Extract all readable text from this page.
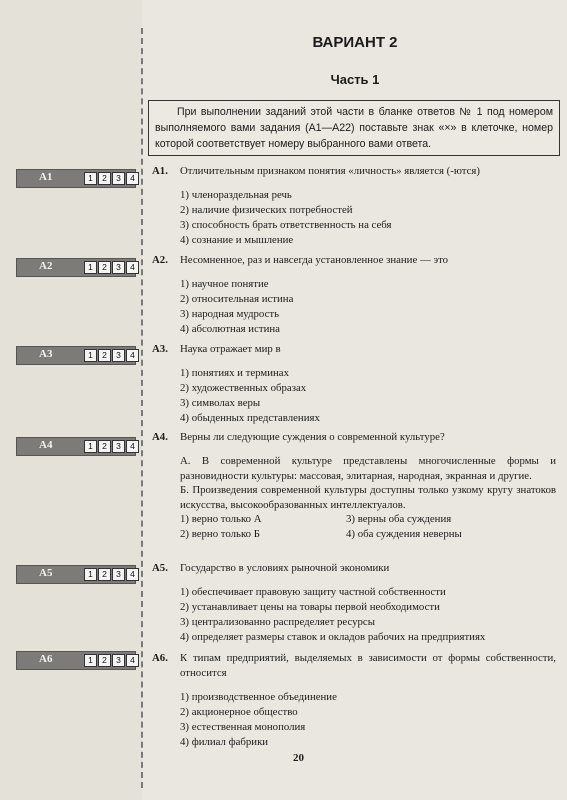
ВАРИАНТ 2
Часть 1
При выполнении заданий этой части в бланке ответов № 1 под номером выполняемого вами задания (А1—А22) поставьте знак «×» в клеточке, номер которой соответствует номеру выбранного вами ответа.
А1	1	2	3	4
А2	1	2	3	4
А3	1	2	3	4
А4	1	2	3	4
А5	1	2	3	4
А6	1	2	3	4
А1.	Отличительным признаком понятия «личность» является (-ются)
1) членораздельная речь
2) наличие физических потребностей
3) способность брать ответственность на себя
4) сознание и мышление
А2.	Несомненное, раз и навсегда установленное знание — это
1) научное понятие
2) относительная истина
3) народная мудрость
4) абсолютная истина
А3.	Наука отражает мир в
1) понятиях и терминах
2) художественных образах
3) символах веры
4) обыденных представлениях
А4.	Верны ли следующие суждения о современной культуре?
А. В современной культуре представлены многочисленные формы и разновидности культуры: массовая, элитарная, народная, экранная и другие.
Б. Произведения современной культуры доступны только узкому кругу знатоков искусства, высокообразованных интеллектуалов.
1) верно только А	3) верны оба суждения
2) верно только Б	4) оба суждения неверны
А5.	Государство в условиях рыночной экономики
1) обеспечивает правовую защиту частной собственности
2) устанавливает цены на товары первой необходимости
3) централизованно распределяет ресурсы
4) определяет размеры ставок и окладов рабочих на предприятиях
А6.	К типам предприятий, выделяемых в зависимости от формы собственности, относится
1) производственное объединение
2) акционерное общество
3) естественная монополия
4) филиал фабрики
20
